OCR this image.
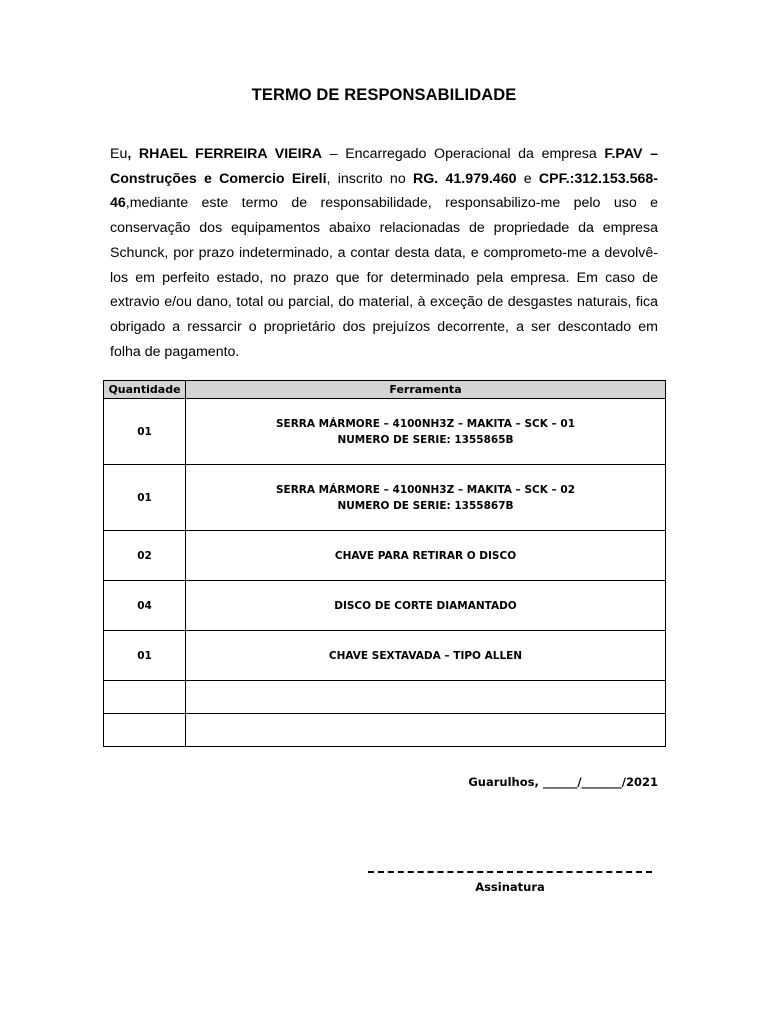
TERMO DE RESPONSABILIDADE
Eu, RHAEL FERREIRA VIEIRA – Encarregado Operacional da empresa F.PAV – Construções e Comercio Eireli, inscrito no RG. 41.979.460 e CPF.:312.153.568-46,mediante este termo de responsabilidade, responsabilizo-me pelo uso e conservação dos equipamentos abaixo relacionadas de propriedade da empresa Schunck, por prazo indeterminado, a contar desta data, e comprometo-me a devolvê-los em perfeito estado, no prazo que for determinado pela empresa. Em caso de extravio e/ou dano, total ou parcial, do material, à exceção de desgastes naturais, fica obrigado a ressarcir o proprietário dos prejuízos decorrente, a ser descontado em folha de pagamento.
Quantidade	Ferramenta
01	SERRA MÁRMORE – 4100NH3Z – MAKITA – SCK – 01
NUMERO DE SERIE: 1355865B

01	SERRA MÁRMORE – 4100NH3Z – MAKITA – SCK – 02
NUMERO DE SERIE: 1355867B

02	CHAVE PARA RETIRAR O DISCO
04	DISCO DE CORTE DIAMANTADO
01	CHAVE SEXTAVADA – TIPO ALLEN

Guarulhos, ______/_______/2021
Assinatura
